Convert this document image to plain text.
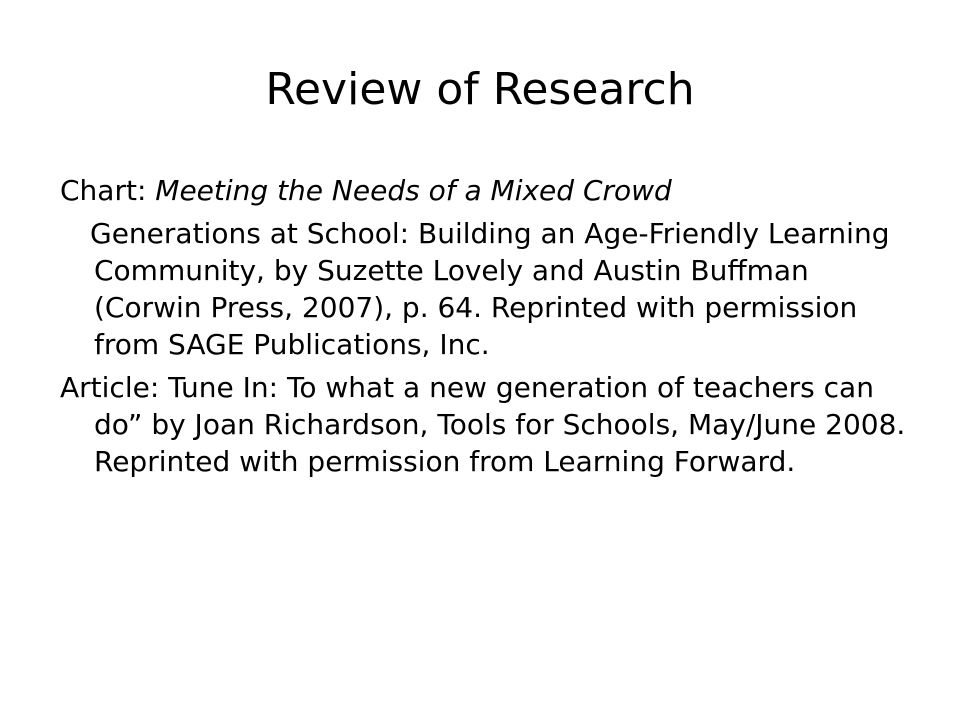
Review of Research

Chart: Meeting the Needs of a Mixed Crowd

Generations at School: Building an Age-Friendly Learning Community, by Suzette Lovely and Austin Buffman (Corwin Press, 2007), p. 64. Reprinted with permission from SAGE Publications, Inc.

Article: Tune In: To what a new generation of teachers can do” by Joan Richardson, Tools for Schools, May/June 2008. Reprinted with permission from Learning Forward.
